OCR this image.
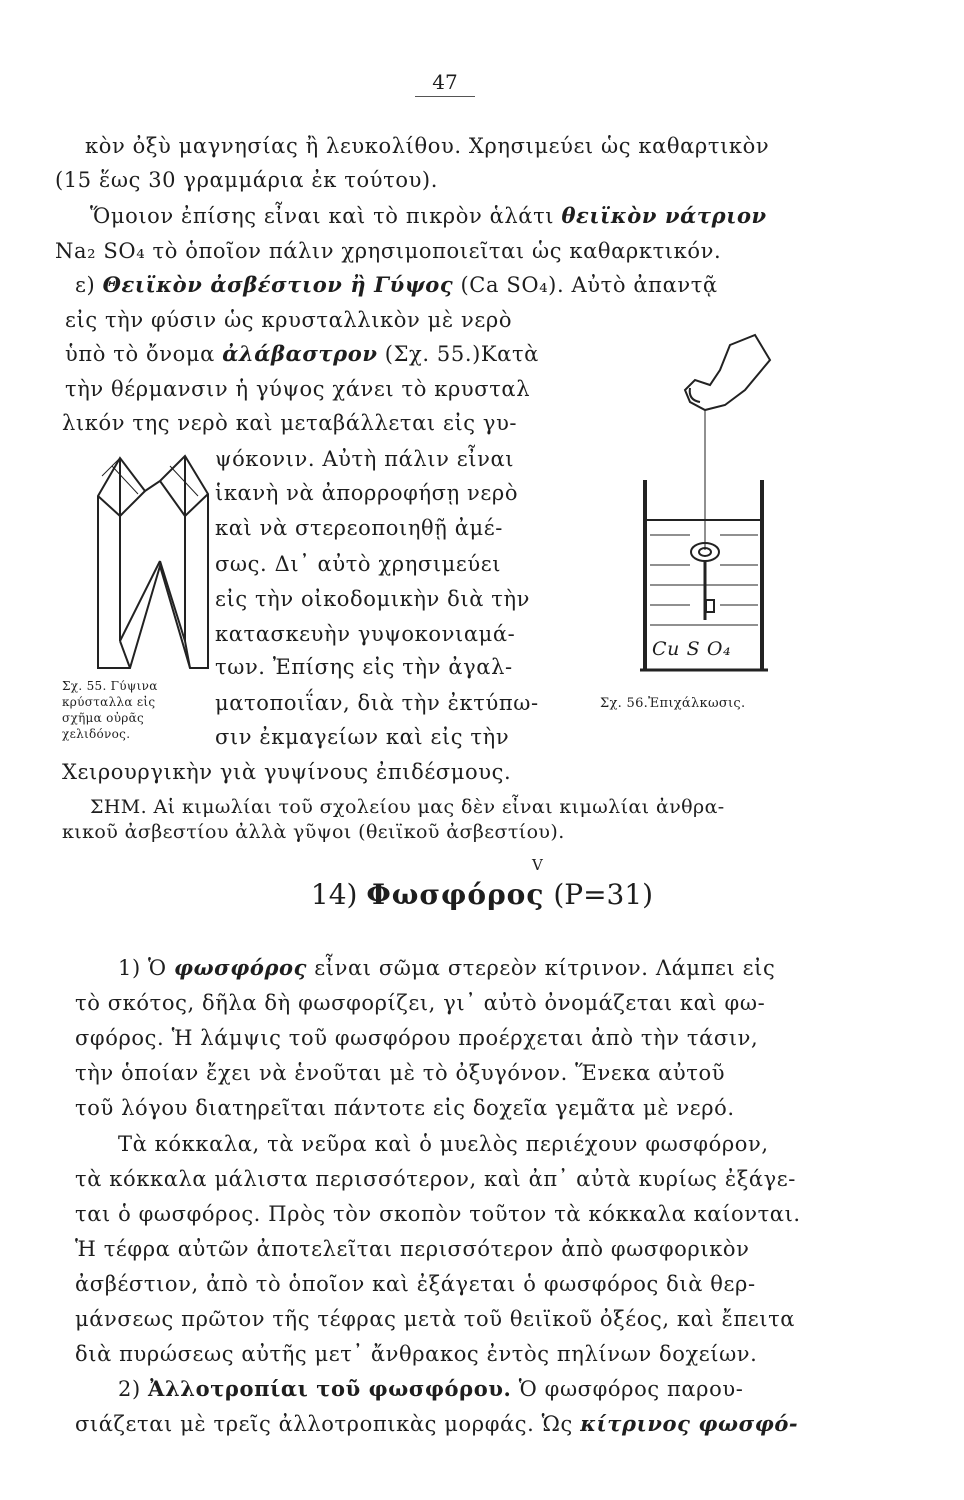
47
κὸν ὀξὺ μαγνησίας ἢ λευκολίθου. Χρησιμεύει ὡς καθαρτικὸν
(15 ἕως 30 γραμμάρια ἐκ τούτου).
Ὅμοιον ἐπίσης εἶναι καὶ τὸ πικρὸν ἁλάτι θειϊκὸν νάτριον
Na₂ SO₄ τὸ ὁποῖον πάλιν χρησιμοποιεῖται ὡς καθαρκτικόν.
ε) Θειϊκὸν ἀσβέστιον ἢ Γύψος (Ca SO₄). Αὐτὸ ἀπαντᾷ
εἰς τὴν φύσιν ὡς κρυσταλλικὸν μὲ νερὸ
ὑπὸ τὸ ὄνομα ἀλάβαστρον (Σχ. 55.)Κατὰ
τὴν θέρμανσιν ἡ γύψος χάνει τὸ κρυσταλ
λικόν της νερὸ καὶ μεταβάλλεται εἰς γυ-
ψόκονιν. Αὐτὴ πάλιν εἶναι
ἱκανὴ νὰ ἀπορροφήσῃ νερὸ
καὶ νὰ στερεοποιηθῇ ἀμέ-
σως. Δι᾽ αὐτὸ χρησιμεύει
εἰς τὴν οἰκοδομικὴν διὰ τὴν
κατασκευὴν γυψοκονιαμά-
των. Ἐπίσης εἰς τὴν ἀγαλ-
ματοποιΐαν, διὰ τὴν ἐκτύπω-
σιν ἐκμαγείων καὶ εἰς τὴν
Χειρουργικὴν γιὰ γυψίνους ἐπιδέσμους.
Σχ. 55. Γύψινα
κρύσταλλα εἰς
σχῆμα οὐρᾶς
χελιδόνος.
Cu S O₄
Σχ. 56.Ἐπιχάλκωσις.
ΣΗΜ. Αἱ κιμωλίαι τοῦ σχολείου μας δὲν εἶναι κιμωλίαι ἀνθρα-
κικοῦ ἀσβεστίου ἀλλὰ γῦψοι (θειϊκοῦ ἀσβεστίου).
V
14) Φωσφόρος (P=31)
1) Ὁ φωσφόρος εἶναι σῶμα στερεὸν κίτρινον. Λάμπει εἰς
τὸ σκότος, δῆλα δὴ φωσφορίζει, γι᾽ αὐτὸ ὀνομάζεται καὶ φω-
σφόρος. Ἡ λάμψις τοῦ φωσφόρου προέρχεται ἀπὸ τὴν τάσιν,
τὴν ὁποίαν ἔχει νὰ ἑνοῦται μὲ τὸ ὀξυγόνον. Ἕνεκα αὐτοῦ
τοῦ λόγου διατηρεῖται πάντοτε εἰς δοχεῖα γεμᾶτα μὲ νερό.
Τὰ κόκκαλα, τὰ νεῦρα καὶ ὁ μυελὸς περιέχουν φωσφόρον,
τὰ κόκκαλα μάλιστα περισσότερον, καὶ ἀπ᾽ αὐτὰ κυρίως ἐξάγε-
ται ὁ φωσφόρος. Πρὸς τὸν σκοπὸν τοῦτον τὰ κόκκαλα καίονται.
Ἡ τέφρα αὐτῶν ἀποτελεῖται περισσότερον ἀπὸ φωσφορικὸν
ἀσβέστιον, ἀπὸ τὸ ὁποῖον καὶ ἐξάγεται ὁ φωσφόρος διὰ θερ-
μάνσεως πρῶτον τῆς τέφρας μετὰ τοῦ θειϊκοῦ ὀξέος, καὶ ἔπειτα
διὰ πυρώσεως αὐτῆς μετ᾽ ἄνθρακος ἐντὸς πηλίνων δοχείων.
2) Ἀλλοτροπίαι τοῦ φωσφόρου. Ὁ φωσφόρος παρου-
σιάζεται μὲ τρεῖς ἀλλοτροπικὰς μορφάς. Ὡς κίτρινος φωσφό-
